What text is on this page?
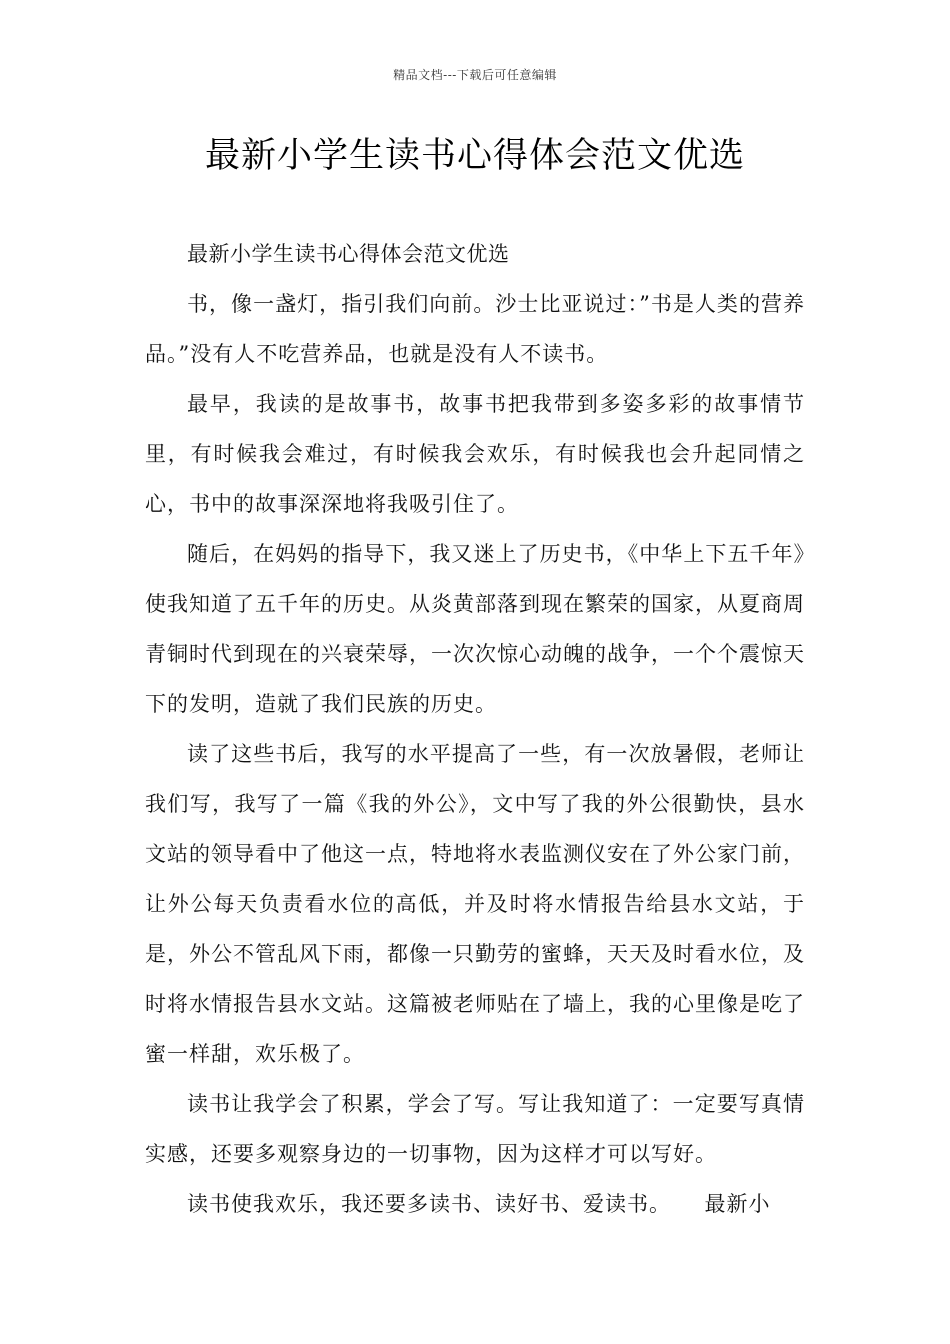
精品文档---下载后可任意编辑
最新小学生读书心得体会范文优选

最新小学生读书心得体会范文优选

书，像一盏灯，指引我们向前。沙士比亚说过：”书是人类的营养品。”没有人不吃营养品，也就是没有人不读书。

最早，我读的是故事书，故事书把我带到多姿多彩的故事情节里，有时候我会难过，有时候我会欢乐，有时候我也会升起同情之心，书中的故事深深地将我吸引住了。

随后，在妈妈的指导下，我又迷上了历史书，《中华上下五千年》使我知道了五千年的历史。从炎黄部落到现在繁荣的国家，从夏商周青铜时代到现在的兴衰荣辱，一次次惊心动魄的战争，一个个震惊天下的发明，造就了我们民族的历史。

读了这些书后，我写的水平提高了一些，有一次放暑假，老师让我们写，我写了一篇《我的外公》，文中写了我的外公很勤快，县水文站的领导看中了他这一点，特地将水表监测仪安在了外公家门前，让外公每天负责看水位的高低，并及时将水情报告给县水文站，于是，外公不管乱风下雨，都像一只勤劳的蜜蜂，天天及时看水位，及时将水情报告县水文站。这篇被老师贴在了墙上，我的心里像是吃了蜜一样甜，欢乐极了。

读书让我学会了积累，学会了写。写让我知道了：一定要写真情实感，还要多观察身边的一切事物，因为这样才可以写好。

读书使我欢乐，我还要多读书、读好书、爱读书。　　最新小
